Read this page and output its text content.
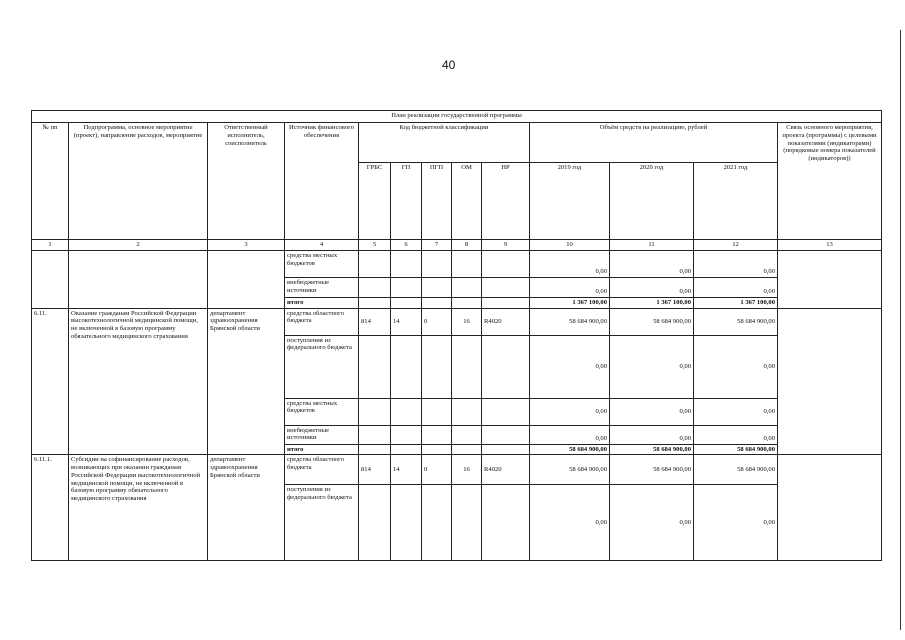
40
План реализации государственной программы												
№ пп	Подпрограмма, основное мероприятие (проект), направление расходов, мероприятие	Ответственный исполнитель, соисполнитель	Источник финансового обеспечения	Код бюджетной классификации					Объём средств на реализацию, рублей			Связь основного мероприятия, проекта (программы) с целевыми показателями (индикаторами) (порядковые номера показателей (индикаторов))
				ГРБС	ГП	ПГП	ОМ	НР	2019 год	2020 год	2021 год	
1	2	3	4	5	6	7	8	9	10	11	12	13
			средства местных бюджетов						0,00	0,00	0,00	
			внебюджетные источники						0,00	0,00	0,00	
			итого						1 367 100,00	1 367 100,00	1 367 100,00	
6.11.	Оказание гражданам Российской Федерации высокотехнологичной медицинской помощи, не включенной в базовую программу обязательного медицинского страхования	департамент здравоохранения Брянской области	средства областного бюджета	814	14	0	16	R4020	58 684 900,00	58 684 900,00	58 684 900,00	
			поступления из федерального бюджета						0,00	0,00	0,00	
			средства местных бюджетов						0,00	0,00	0,00	
			внебюджетные источники						0,00	0,00	0,00	
			итого						58 684 900,00	58 684 900,00	58 684 900,00	
6.11.1.	Субсидии на софинансирование расходов, возникающих при оказании гражданам Российской Федерации высокотехнологичной медицинской помощи, не включенной в базовую программу обязательного медицинского страхования	департамент здравоохранения Брянской области	средства областного бюджета	814	14	0	16	R4020	58 684 900,00	58 684 900,00	58 684 900,00	
			поступления из федерального бюджета						0,00	0,00	0,00	
